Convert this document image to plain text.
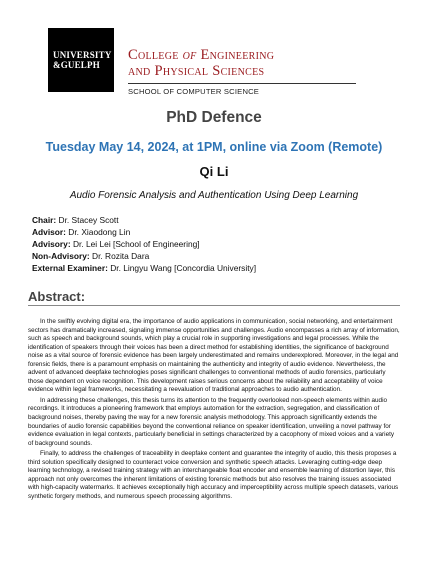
UNIVERSITY
&GUELPH
College of Engineering
and Physical Sciences
SCHOOL OF COMPUTER SCIENCE
PhD Defence
Tuesday May 14, 2024, at 1PM, online via Zoom (Remote)
Qi Li
Audio Forensic Analysis and Authentication Using Deep Learning
Chair: Dr. Stacey Scott
Advisor: Dr. Xiaodong Lin
Advisory: Dr. Lei Lei [School of Engineering]
Non-Advisory: Dr. Rozita Dara
External Examiner: Dr. Lingyu Wang [Concordia University]
Abstract:

In the swiftly evolving digital era, the importance of audio applications in communication, social networking, and entertainment sectors has dramatically increased, signaling immense opportunities and challenges. Audio encompasses a rich array of information, such as speech and background sounds, which play a crucial role in supporting investigations and legal processes. While the identification of speakers through their voices has been a direct method for establishing identities, the significance of background noise as a vital source of forensic evidence has been largely underestimated and remains underexplored. Moreover, in the legal and forensic fields, there is a paramount emphasis on maintaining the authenticity and integrity of audio evidence. Nevertheless, the advent of advanced deepfake technologies poses significant challenges to conventional methods of audio forensics, particularly those dependent on voice recognition. This development raises serious concerns about the reliability and acceptability of voice evidence within legal frameworks, necessitating a reevaluation of traditional approaches to audio authentication.

In addressing these challenges, this thesis turns its attention to the frequently overlooked non-speech elements within audio recordings. It introduces a pioneering framework that employs automation for the extraction, segregation, and classification of background noises, thereby paving the way for a new forensic analysis methodology. This approach significantly extends the boundaries of audio forensic capabilities beyond the conventional reliance on speaker identification, unveiling a novel pathway for evidence evaluation in legal contexts, particularly beneficial in settings characterized by a cacophony of mixed voices and a variety of background sounds.

Finally, to address the challenges of traceability in deepfake content and guarantee the integrity of audio, this thesis proposes a third solution specifically designed to counteract voice conversion and synthetic speech attacks. Leveraging cutting-edge deep learning technology, a revised training strategy with an interchangeable float encoder and ensemble learning of distortion layer, this approach not only overcomes the inherent limitations of existing forensic methods but also resolves the training issues associated with high-capacity watermarks. It achieves exceptionally high accuracy and imperceptibility across multiple speech datasets, various synthetic forgery methods, and numerous speech processing algorithms.
